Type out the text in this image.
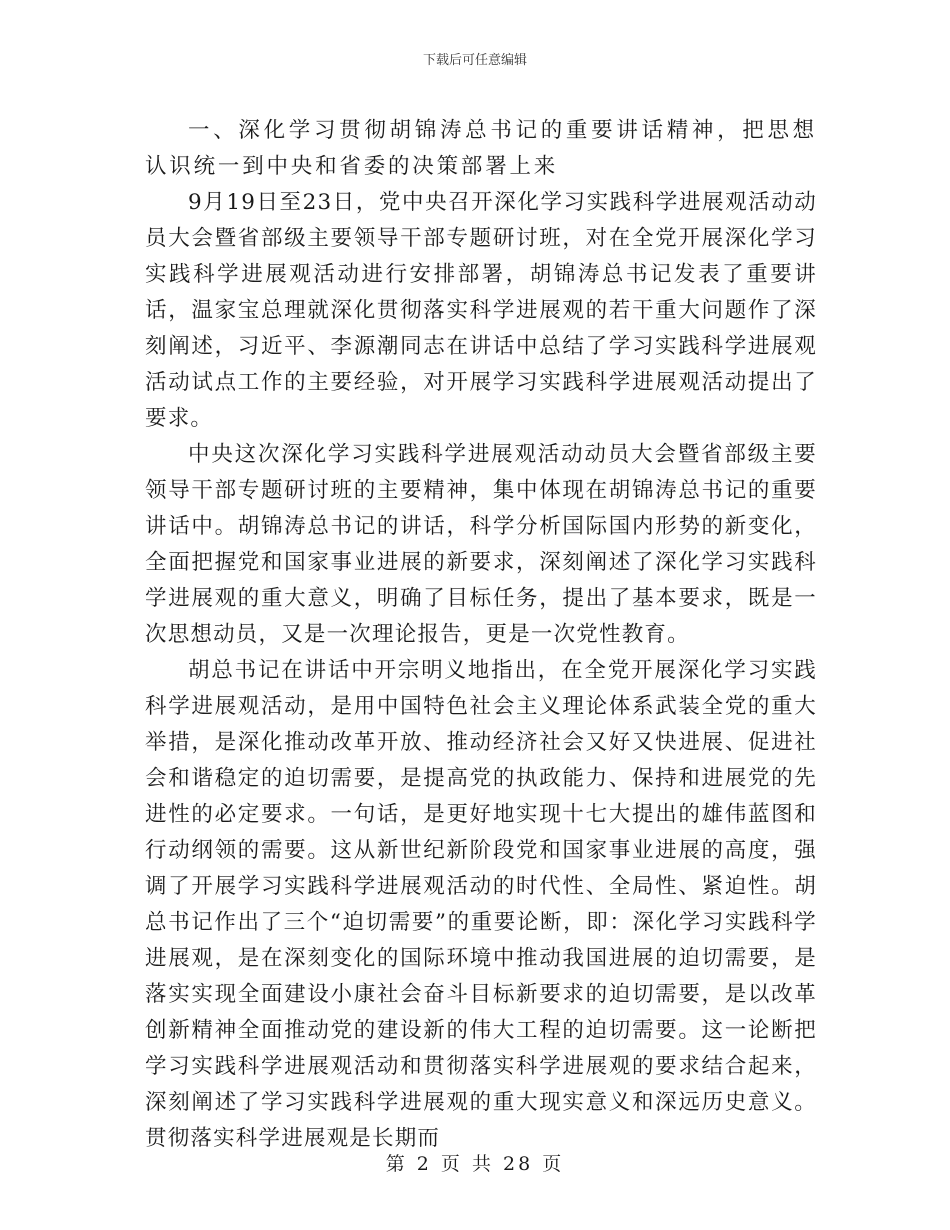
下载后可任意编辑

一、深化学习贯彻胡锦涛总书记的重要讲话精神，把思想认识统一到中央和省委的决策部署上来

9月19日至23日，党中央召开深化学习实践科学进展观活动动员大会暨省部级主要领导干部专题研讨班，对在全党开展深化学习实践科学进展观活动进行安排部署，胡锦涛总书记发表了重要讲话，温家宝总理就深化贯彻落实科学进展观的若干重大问题作了深刻阐述，习近平、李源潮同志在讲话中总结了学习实践科学进展观活动试点工作的主要经验，对开展学习实践科学进展观活动提出了要求。

中央这次深化学习实践科学进展观活动动员大会暨省部级主要领导干部专题研讨班的主要精神，集中体现在胡锦涛总书记的重要讲话中。胡锦涛总书记的讲话，科学分析国际国内形势的新变化，全面把握党和国家事业进展的新要求，深刻阐述了深化学习实践科学进展观的重大意义，明确了目标任务，提出了基本要求，既是一次思想动员，又是一次理论报告，更是一次党性教育。

胡总书记在讲话中开宗明义地指出，在全党开展深化学习实践科学进展观活动，是用中国特色社会主义理论体系武装全党的重大举措，是深化推动改革开放、推动经济社会又好又快进展、促进社会和谐稳定的迫切需要，是提高党的执政能力、保持和进展党的先进性的必定要求。一句话，是更好地实现十七大提出的雄伟蓝图和行动纲领的需要。这从新世纪新阶段党和国家事业进展的高度，强调了开展学习实践科学进展观活动的时代性、全局性、紧迫性。胡总书记作出了三个“迫切需要”的重要论断，即：深化学习实践科学进展观，是在深刻变化的国际环境中推动我国进展的迫切需要，是落实实现全面建设小康社会奋斗目标新要求的迫切需要，是以改革创新精神全面推动党的建设新的伟大工程的迫切需要。这一论断把学习实践科学进展观活动和贯彻落实科学进展观的要求结合起来，深刻阐述了学习实践科学进展观的重大现实意义和深远历史意义。贯彻落实科学进展观是长期而

第 2 页 共 28 页
